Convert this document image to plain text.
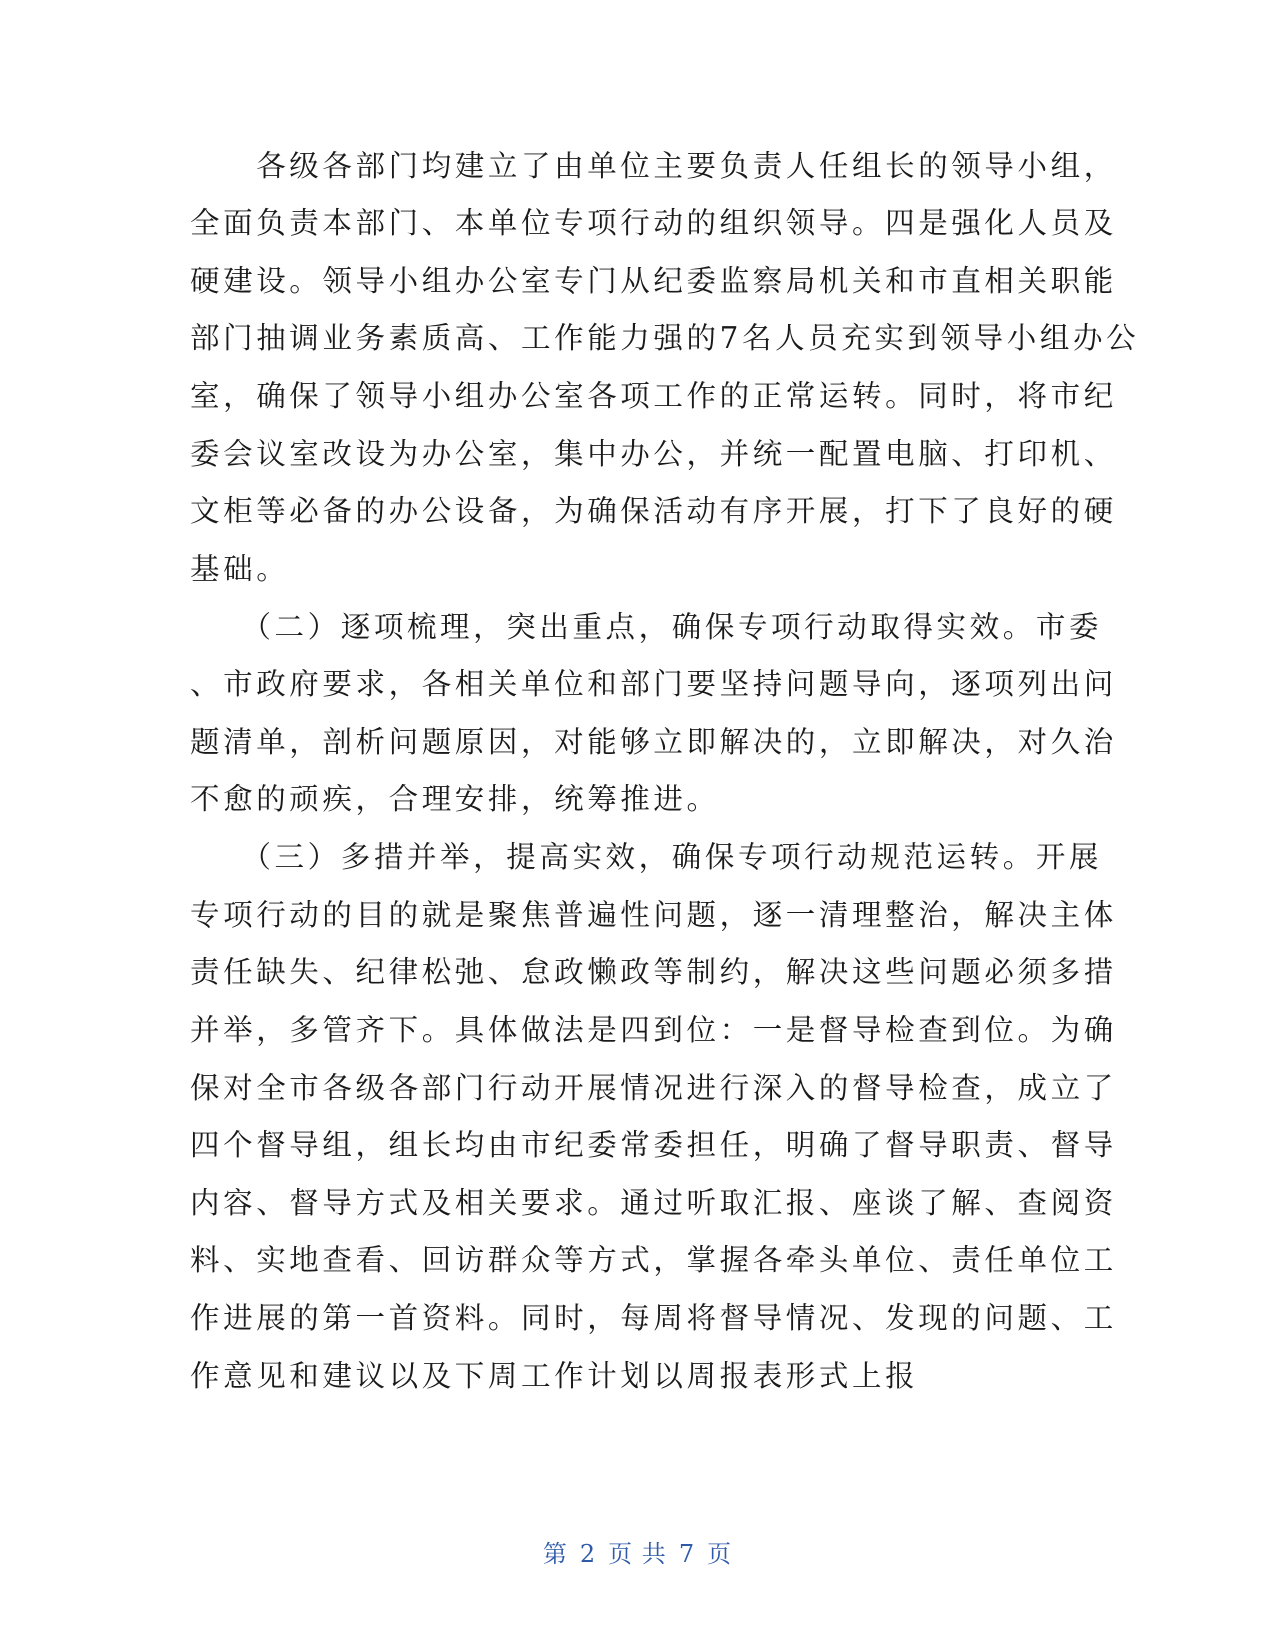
　　各级各部门均建立了由单位主要负责人任组长的领导小组，
全面负责本部门、本单位专项行动的组织领导。四是强化人员及
硬建设。领导小组办公室专门从纪委监察局机关和市直相关职能
部门抽调业务素质高、工作能力强的7名人员充实到领导小组办公
室，确保了领导小组办公室各项工作的正常运转。同时，将市纪
委会议室改设为办公室，集中办公，并统一配置电脑、打印机、
文柜等必备的办公设备，为确保活动有序开展，打下了良好的硬
基础。
　　（二）逐项梳理，突出重点，确保专项行动取得实效。市委
、市政府要求，各相关单位和部门要坚持问题导向，逐项列出问
题清单，剖析问题原因，对能够立即解决的，立即解决，对久治
不愈的顽疾，合理安排，统筹推进。
　　（三）多措并举，提高实效，确保专项行动规范运转。开展
专项行动的目的就是聚焦普遍性问题，逐一清理整治，解决主体
责任缺失、纪律松弛、怠政懒政等制约，解决这些问题必须多措
并举，多管齐下。具体做法是四到位：一是督导检查到位。为确
保对全市各级各部门行动开展情况进行深入的督导检查，成立了
四个督导组，组长均由市纪委常委担任，明确了督导职责、督导
内容、督导方式及相关要求。通过听取汇报、座谈了解、查阅资
料、实地查看、回访群众等方式，掌握各牵头单位、责任单位工
作进展的第一首资料。同时，每周将督导情况、发现的问题、工
作意见和建议以及下周工作计划以周报表形式上报
第 2 页 共 7 页
